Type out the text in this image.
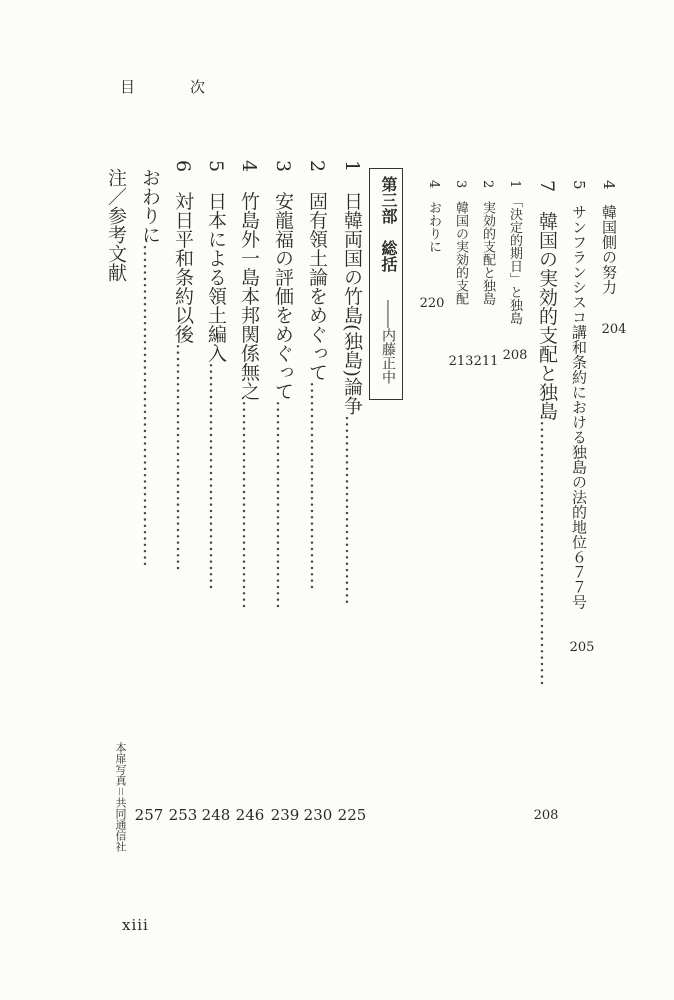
目　次
4　韓国側の努力
204
5　サンフランシスコ講和条約における独島の法的地位６７７号
205
7　韓国の実効的支配と独島……………………………………
208
1　「決定的期日」と独島
208
2　実効的支配と独島
211
3　韓国の実効的支配
213
4　おわりに
220
第三部　総括
――内藤正中
1　日韓両国の竹島(独島)論争…………………………
225
2　固有領土論をめぐって……………………………
230
3　安龍福の評価をめぐって……………………………
239
4　竹島外一島本邦関係無之……………………………
246
5　日本による領土編入………………………………
248
6　対日平和条約以後………………………………
253
おわりに……………………………………………
257
注／参考文献
本扉写真＝共同通信社
xiii
